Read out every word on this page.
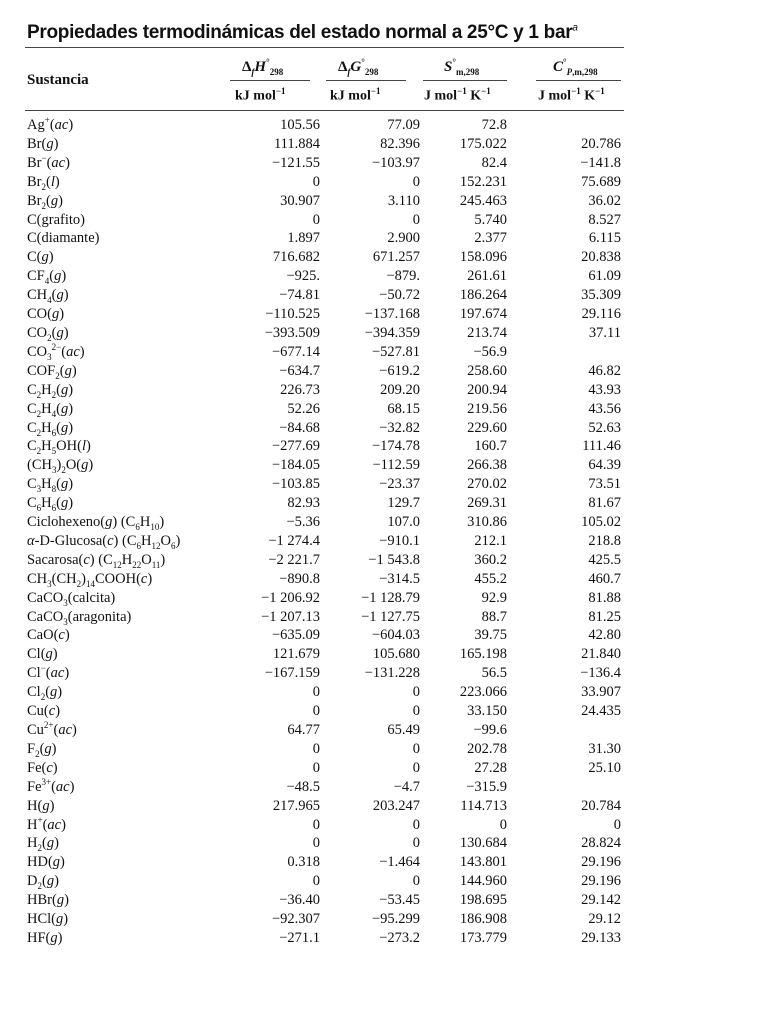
Propiedades termodinámicas del estado normal a 25°C y 1 bar$^a$
Sustancia
$\Delta_fH^\circ_{298}$	$\Delta_fG^\circ_{298}$	$S^\circ_{m,298}$	$C^\circ_{P,m,298}$
kJ mol$^{-1}$	kJ mol$^{-1}$	J mol$^{-1}$ $K^{-1}$	J mol$^{-1}$ $K^{-1}$
Ag+(ac)	105.56	77.09	72.8	
Br(g)	111.884	82.396	175.022	20.786
Br−(ac)	−121.55	−103.97	82.4	−141.8
$Br_2(l)$	0	0	152.231	75.689
$Br_2(g)$	30.907	3.110	245.463	36.02
C(grafito)	0	0	5.740	8.527
C(diamante)	1.897	2.900	2.377	6.115
C(g)	716.682	671.257	158.096	20.838
$CF_4(g)$	−925.	−879.	261.61	61.09
$CH_4(g)$	−74.81	−50.72	186.264	35.309
CO(g)	−110.525	−137.168	197.674	29.116
$CO_2(g)$	−393.509	−394.359	213.74	37.11
$CO_3^{2-}(ac)$	−677.14	−527.81	−56.9	
$COF_2(g)$	−634.7	−619.2	258.60	46.82
$C_2H_2(g)$	226.73	209.20	200.94	43.93
$C_2H_4(g)$	52.26	68.15	219.56	43.56
$C_2H_6(g)$	−84.68	−32.82	229.60	52.63
$C_2H_5OH(l)$	−277.69	−174.78	160.7	111.46
$(CH_3)_2O(g)$	−184.05	−112.59	266.38	64.39
$C_3H_8(g)$	−103.85	−23.37	270.02	73.51
$C_6H_6(g)$	82.93	129.7	269.31	81.67
Ciclohexeno(g) $(C_6H_{10})$	−5.36	107.0	310.86	105.02
α-D-Glucosa(c) $(C_6H_{12}O_6)$	−1 274.4	−910.1	212.1	218.8
Sacarosa(c) $(C_{12}H_{22}O_{11})$	−2 221.7	−1 543.8	360.2	425.5
$CH_3(CH_2)_{14}COOH(c)$	−890.8	−314.5	455.2	460.7
CaCO$_3$(calcita)	−1 206.92	−1 128.79	92.9	81.88
CaCO$_3$(aragonita)	−1 207.13	−1 127.75	88.7	81.25
CaO(c)	−635.09	−604.03	39.75	42.80
Cl(g)	121.679	105.680	165.198	21.840
Cl−(ac)	−167.159	−131.228	56.5	−136.4
$Cl_2(g)$	0	0	223.066	33.907
Cu(c)	0	0	33.150	24.435
$Cu^{2+}(ac)$	64.77	65.49	−99.6	
$F_2(g)$	0	0	202.78	31.30
Fe(c)	0	0	27.28	25.10
$Fe^{3+}(ac)$	−48.5	−4.7	−315.9	
H(g)	217.965	203.247	114.713	20.784
H+(ac)	0	0	0	0
$H_2(g)$	0	0	130.684	28.824
HD(g)	0.318	−1.464	143.801	29.196
$D_2(g)$	0	0	144.960	29.196
HBr(g)	−36.40	−53.45	198.695	29.142
HCl(g)	−92.307	−95.299	186.908	29.12
HF(g)	−271.1	−273.2	173.779	29.133
